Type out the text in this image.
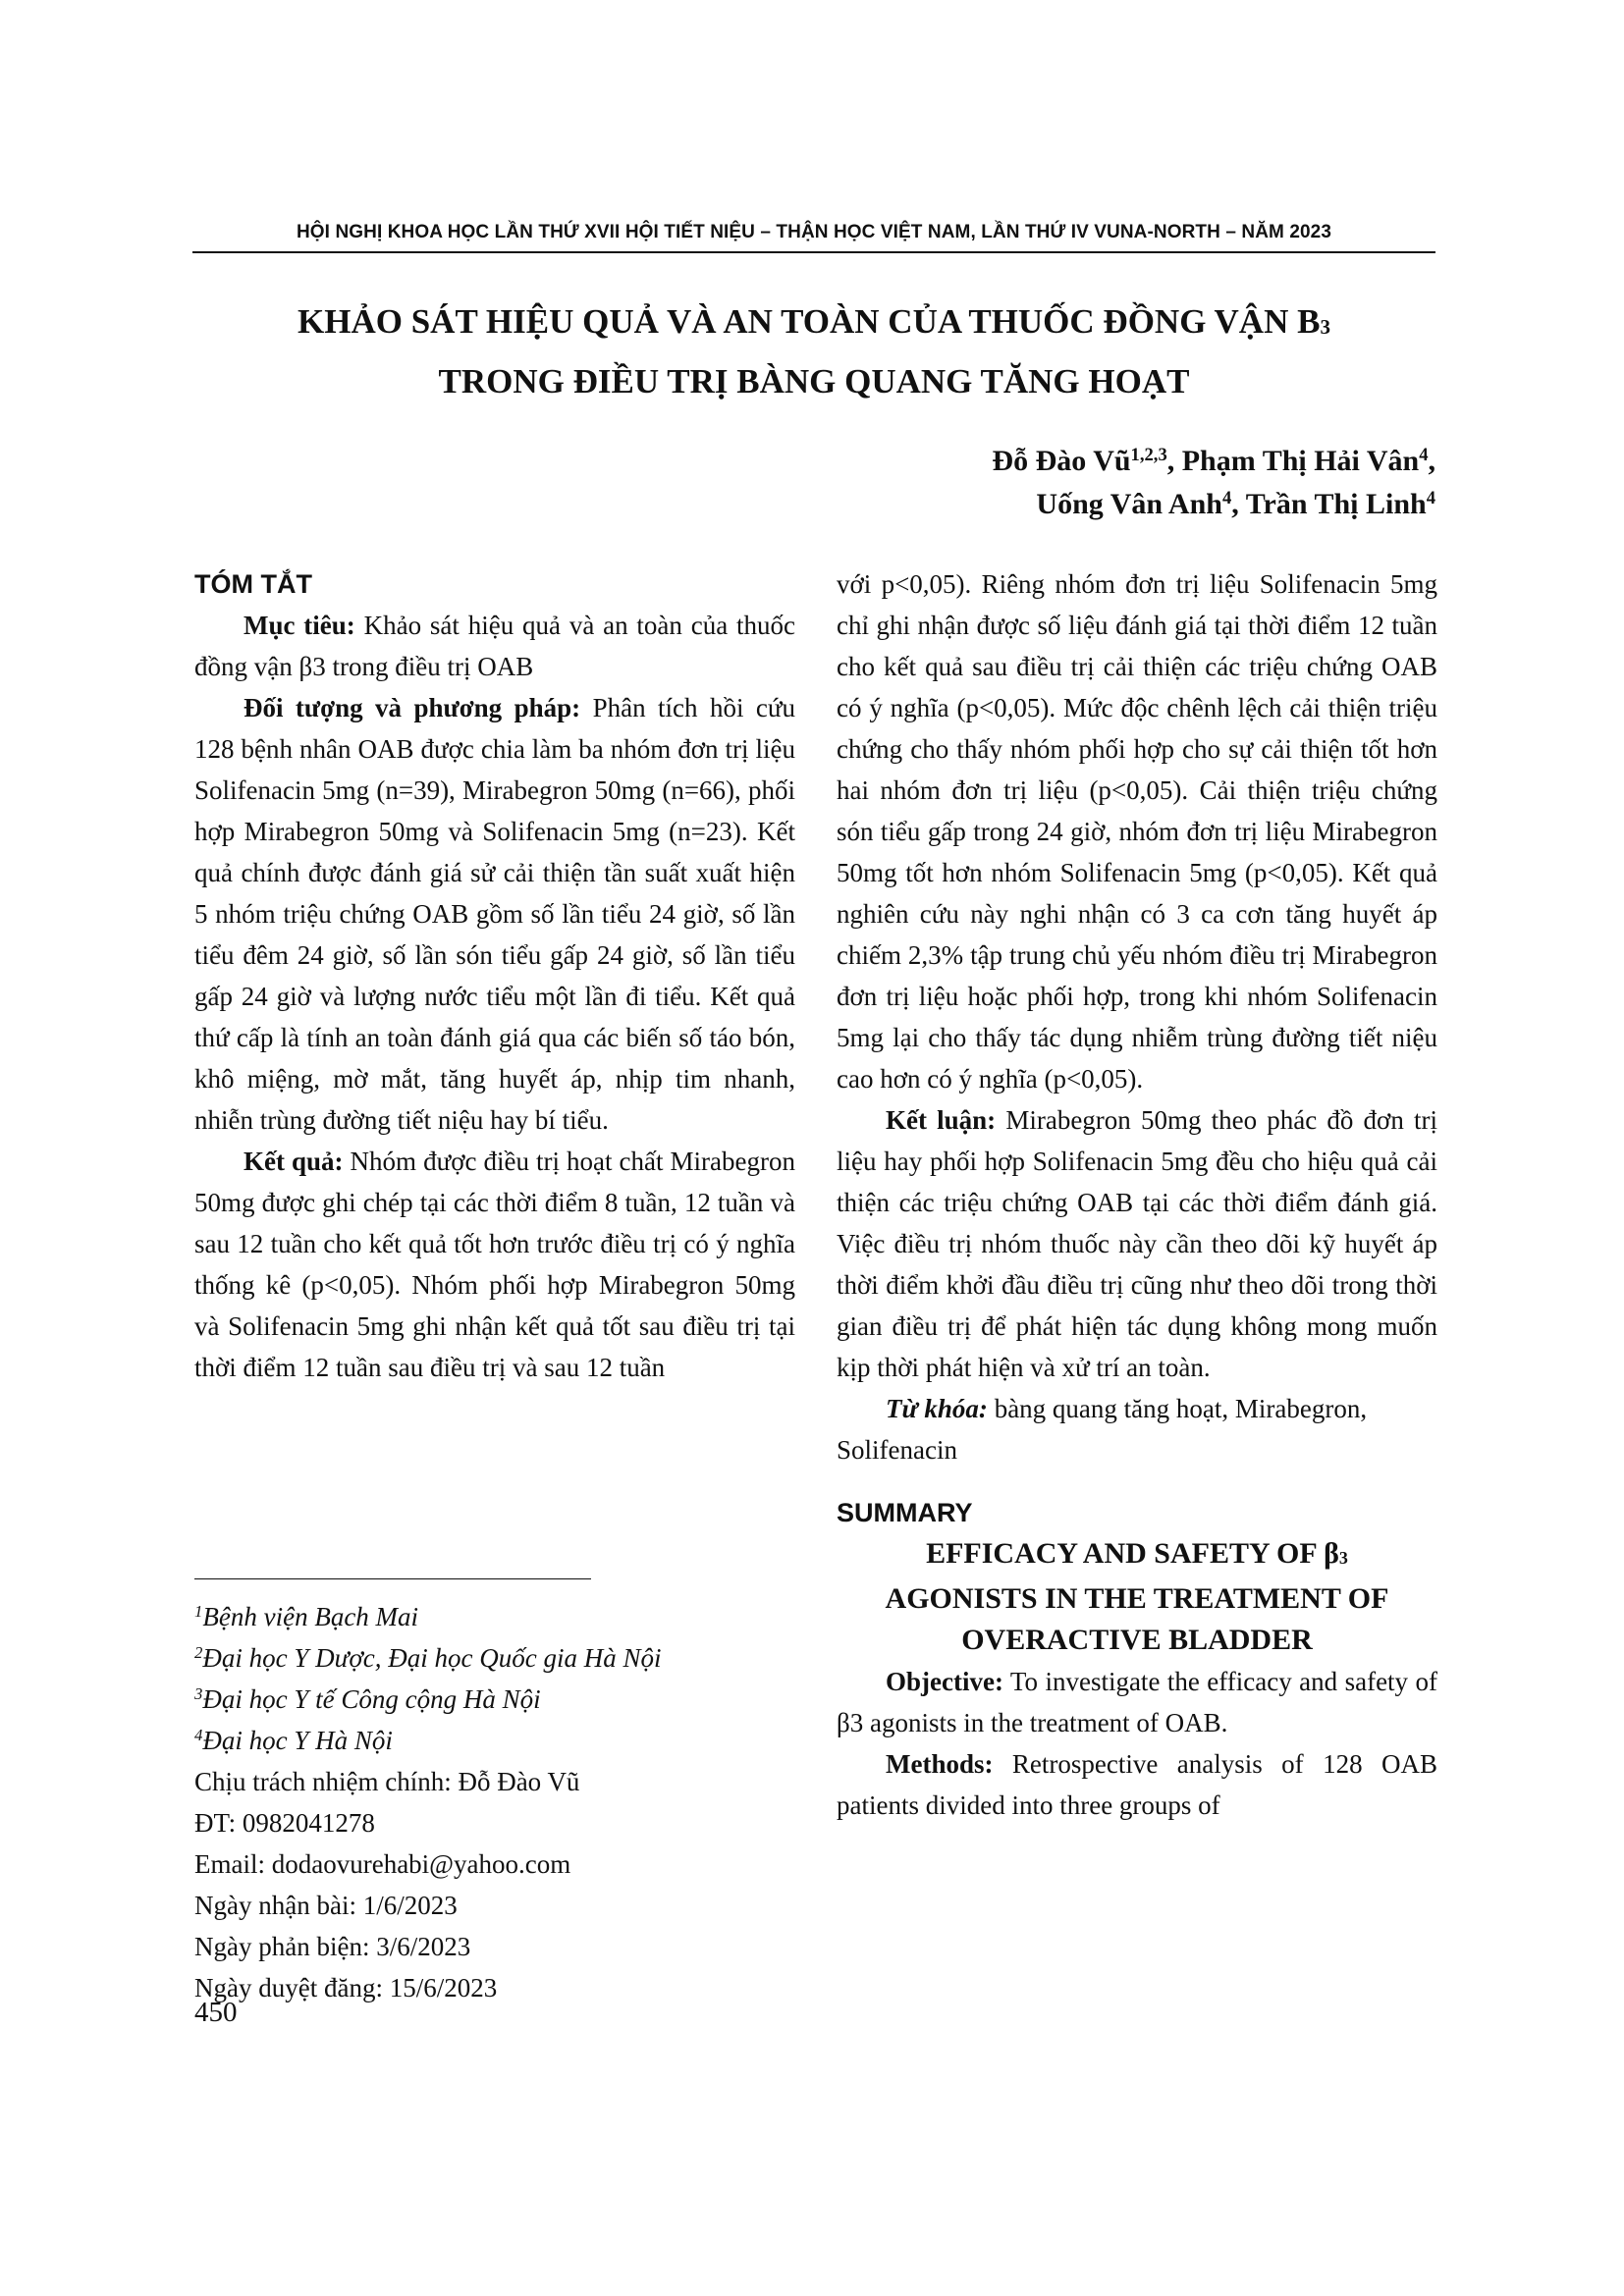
HỘI NGHỊ KHOA HỌC LẦN THỨ XVII HỘI TIẾT NIỆU – THẬN HỌC VIỆT NAM, LẦN THỨ IV VUNA-NORTH – NĂM 2023
KHẢO SÁT HIỆU QUẢ VÀ AN TOÀN CỦA THUỐC ĐỒNG VẬN $B_3$
TRONG ĐIỀU TRỊ BÀNG QUANG TĂNG HOẠT
Đỗ Đào Vũ$^{1,2,3}$, Phạm Thị Hải Vân$^4$,
Uống Vân Anh$^4$, Trần Thị Linh$^4$

TÓM TẮT

Mục tiêu: Khảo sát hiệu quả và an toàn của thuốc đồng vận β3 trong điều trị OAB

Đối tượng và phương pháp: Phân tích hồi cứu 128 bệnh nhân OAB được chia làm ba nhóm đơn trị liệu Solifenacin 5mg (n=39), Mirabegron 50mg (n=66), phối hợp Mirabegron 50mg và Solifenacin 5mg (n=23). Kết quả chính được đánh giá sử cải thiện tần suất xuất hiện 5 nhóm triệu chứng OAB gồm số lần tiểu 24 giờ, số lần tiểu đêm 24 giờ, số lần són tiểu gấp 24 giờ, số lần tiểu gấp 24 giờ và lượng nước tiểu một lần đi tiểu. Kết quả thứ cấp là tính an toàn đánh giá qua các biến số táo bón, khô miệng, mờ mắt, tăng huyết áp, nhịp tim nhanh, nhiễn trùng đường tiết niệu hay bí tiểu.

Kết quả: Nhóm được điều trị hoạt chất Mirabegron 50mg được ghi chép tại các thời điểm 8 tuần, 12 tuần và sau 12 tuần cho kết quả tốt hơn trước điều trị có ý nghĩa thống kê (p<0,05). Nhóm phối hợp Mirabegron 50mg và Solifenacin 5mg ghi nhận kết quả tốt sau điều trị tại thời điểm 12 tuần sau điều trị và sau 12 tuần

$^1$Bệnh viện Bạch Mai
$^2$Đại học Y Dược, Đại học Quốc gia Hà Nội
$^3$Đại học Y tế Công cộng Hà Nội
$^4$Đại học Y Hà Nội
Chịu trách nhiệm chính: Đỗ Đào Vũ
ĐT: 0982041278
Email: dodaovurehabi@yahoo.com
Ngày nhận bài: 1/6/2023
Ngày phản biện: 3/6/2023
Ngày duyệt đăng: 15/6/2023
450

với p<0,05). Riêng nhóm đơn trị liệu Solifenacin 5mg chỉ ghi nhận được số liệu đánh giá tại thời điểm 12 tuần cho kết quả sau điều trị cải thiện các triệu chứng OAB có ý nghĩa (p<0,05). Mức độc chênh lệch cải thiện triệu chứng cho thấy nhóm phối hợp cho sự cải thiện tốt hơn hai nhóm đơn trị liệu (p<0,05). Cải thiện triệu chứng són tiểu gấp trong 24 giờ, nhóm đơn trị liệu Mirabegron 50mg tốt hơn nhóm Solifenacin 5mg (p<0,05). Kết quả nghiên cứu này nghi nhận có 3 ca cơn tăng huyết áp chiếm 2,3% tập trung chủ yếu nhóm điều trị Mirabegron đơn trị liệu hoặc phối hợp, trong khi nhóm Solifenacin 5mg lại cho thấy tác dụng nhiễm trùng đường tiết niệu cao hơn có ý nghĩa (p<0,05).

Kết luận: Mirabegron 50mg theo phác đồ đơn trị liệu hay phối hợp Solifenacin 5mg đều cho hiệu quả cải thiện các triệu chứng OAB tại các thời điểm đánh giá. Việc điều trị nhóm thuốc này cần theo dõi kỹ huyết áp thời điểm khởi đầu điều trị cũng như theo dõi trong thời gian điều trị để phát hiện tác dụng không mong muốn kịp thời phát hiện và xử trí an toàn.

Từ khóa: bàng quang tăng hoạt, Mirabegron, Solifenacin

SUMMARY

EFFICACY AND SAFETY OF $\beta_3$

AGONISTS IN THE TREATMENT OF

OVERACTIVE BLADDER

Objective: To investigate the efficacy and safety of β3 agonists in the treatment of OAB.

Methods: Retrospective analysis of 128 OAB patients divided into three groups of
